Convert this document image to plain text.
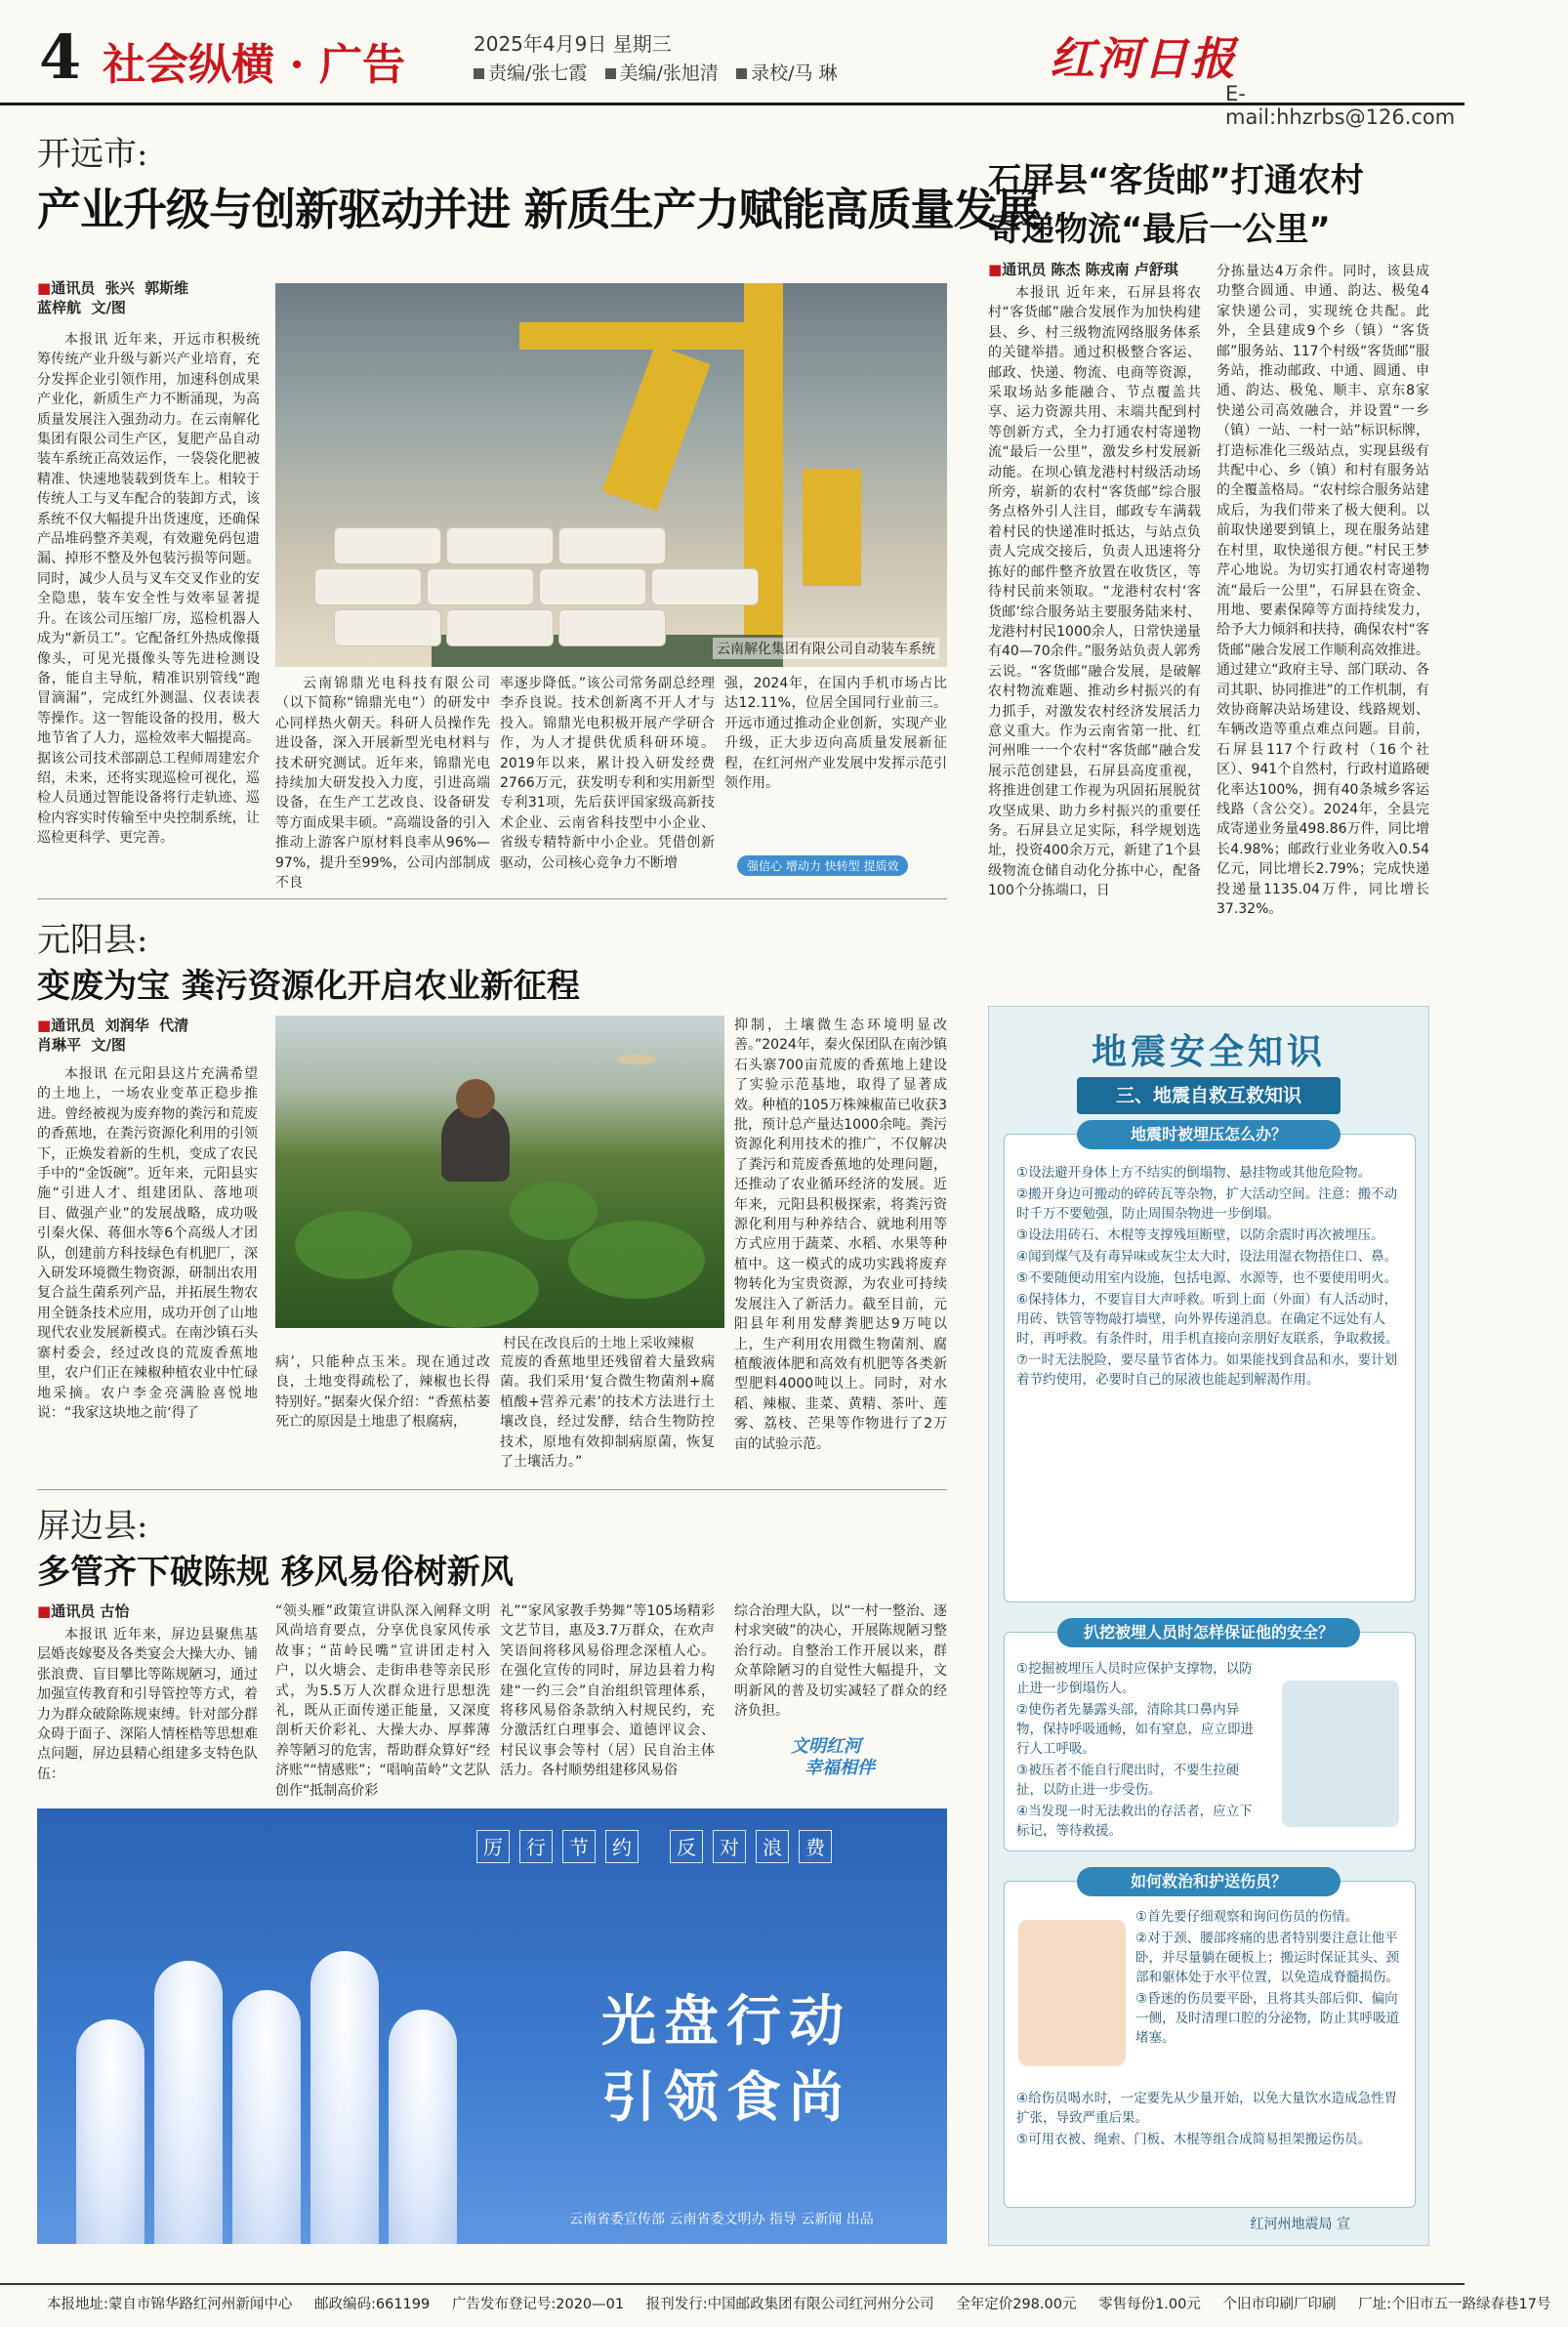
4 社会纵横 · 广告	2025年4月9日 星期三
责编/张七霞 美编/张旭清 录校/马 琳	红河日报
E-mail:hhzrbs@126.com
开远市:
产业升级与创新驱动并进 新质生产力赋能高质量发展
■通讯员  张兴  郭斯维
蓝梓航  文/图

本报讯 近年来，开远市积极统筹传统产业升级与新兴产业培育，充分发挥企业引领作用，加速科创成果产业化，新质生产力不断涌现，为高质量发展注入强劲动力。在云南解化集团有限公司生产区，复肥产品自动装车系统正高效运作，一袋袋化肥被精准、快速地装载到货车上。相较于传统人工与叉车配合的装卸方式，该系统不仅大幅提升出货速度，还确保产品堆码整齐美观，有效避免码包遗漏、掉形不整及外包装污损等问题。同时，减少人员与叉车交叉作业的安全隐患，装车安全性与效率显著提升。在该公司压缩厂房，巡检机器人成为“新员工”。它配备红外热成像摄像头，可见光摄像头等先进检测设备，能自主导航，精准识别管线“跑冒滴漏”，完成红外测温、仪表读表等操作。这一智能设备的投用，极大地节省了人力，巡检效率大幅提高。据该公司技术部副总工程师周建宏介绍，未来，还将实现巡检可视化，巡检人员通过智能设备将行走轨迹、巡检内容实时传输至中央控制系统，让巡检更科学、更完善。

云南解化集团有限公司自动装车系统

云南锦鼎光电科技有限公司（以下简称“锦鼎光电”）的研发中心同样热火朝天。科研人员操作先进设备，深入开展新型光电材料与技术研究测试。近年来，锦鼎光电持续加大研发投入力度，引进高端设备，在生产工艺改良、设备研发等方面成果丰硕。“高端设备的引入推动上游客户原材料良率从96%—97%，提升至99%，公司内部制成不良

率逐步降低。”该公司常务副总经理李乔良说。技术创新离不开人才与投入。锦鼎光电积极开展产学研合作，为人才提供优质科研环境。2019年以来，累计投入研发经费2766万元，获发明专利和实用新型专利31项，先后获评国家级高新技术企业、云南省科技型中小企业、省级专精特新中小企业。凭借创新驱动，公司核心竞争力不断增

强，2024年，在国内手机市场占比达12.11%，位居全国同行业前三。开远市通过推动企业创新，实现产业升级，正大步迈向高质量发展新征程，在红河州产业发展中发挥示范引领作用。

强信心 增动力 快转型 提质效
石屏县“客货邮”打通农村
寄递物流“最后一公里”
■通讯员 陈杰 陈戎南 卢舒琪

本报讯 近年来，石屏县将农村“客货邮”融合发展作为加快构建县、乡、村三级物流网络服务体系的关键举措。通过积极整合客运、邮政、快递、物流、电商等资源，采取场站多能融合、节点覆盖共享、运力资源共用、末端共配到村等创新方式，全力打通农村寄递物流“最后一公里”，激发乡村发展新动能。在坝心镇龙港村村级活动场所旁，崭新的农村“客货邮”综合服务点格外引人注目，邮政专车满载着村民的快递准时抵达，与站点负责人完成交接后，负责人迅速将分拣好的邮件整齐放置在收货区，等待村民前来领取。“龙港村农村‘客货邮’综合服务站主要服务陆来村、龙港村村民1000余人，日常快递量有40—70余件。”服务站负责人郭秀云说。“客货邮”融合发展，是破解农村物流难题、推动乡村振兴的有力抓手，对激发农村经济发展活力意义重大。作为云南省第一批、红河州唯一一个农村“客货邮”融合发展示范创建县，石屏县高度重视，将推进创建工作视为巩固拓展脱贫攻坚成果、助力乡村振兴的重要任务。石屏县立足实际，科学规划选址，投资400余万元，新建了1个县级物流仓储自动化分拣中心，配备100个分拣端口，日

分拣量达4万余件。同时，该县成功整合圆通、申通、韵达、极兔4家快递公司，实现统仓共配。此外，全县建成9个乡（镇）“客货邮”服务站、117个村级“客货邮”服务站，推动邮政、中通、圆通、申通、韵达、极兔、顺丰、京东8家快递公司高效融合，并设置“一乡（镇）一站、一村一站”标识标牌，打造标准化三级站点，实现县级有共配中心、乡（镇）和村有服务站的全覆盖格局。“农村综合服务站建成后，为我们带来了极大便利。以前取快递要到镇上，现在服务站建在村里，取快递很方便。”村民王梦芹心地说。为切实打通农村寄递物流“最后一公里”，石屏县在资金、用地、要素保障等方面持续发力，给予大力倾斜和扶持，确保农村“客货邮”融合发展工作顺利高效推进。通过建立“政府主导、部门联动、各司其职、协同推进”的工作机制，有效协商解决站场建设、线路规划、车辆改造等重点难点问题。目前，石屏县117个行政村（16个社区）、941个自然村，行政村道路硬化率达100%，拥有40条城乡客运线路（含公交）。2024年，全县完成寄递业务量498.86万件，同比增长4.98%；邮政行业业务收入0.54亿元，同比增长2.79%；完成快递投递量1135.04万件，同比增长37.32%。

元阳县:
变废为宝 粪污资源化开启农业新征程
■通讯员  刘润华  代清
肖琳平  文/图

本报讯 在元阳县这片充满希望的土地上，一场农业变革正稳步推进。曾经被视为废弃物的粪污和荒废的香蕉地，在粪污资源化利用的引领下，正焕发着新的生机，变成了农民手中的“金饭碗”。近年来，元阳县实施“引进人才、组建团队、落地项目、做强产业”的发展战略，成功吸引秦火保、蒋佃水等6个高级人才团队，创建前方科技绿色有机肥厂，深入研发环境微生物资源，研制出农用复合益生菌系列产品，并拓展生物农用全链条技术应用，成功开创了山地现代农业发展新模式。在南沙镇石头寨村委会，经过改良的荒废香蕉地里，农户们正在辣椒种植农业中忙碌地采摘。农户李金亮满脸喜悦地说：“我家这块地之前‘得了

村民在改良后的土地上采收辣椒

病’，只能种点玉米。现在通过改良，土地变得疏松了，辣椒也长得特别好。”据秦火保介绍：“香蕉枯萎死亡的原因是土地患了根腐病，

荒废的香蕉地里还残留着大量致病菌。我们采用‘复合微生物菌剂+腐植酸+营养元素’的技术方法进行土壤改良，经过发酵，结合生物防控技术，原地有效抑制病原菌，恢复了土壤活力。”

抑制，土壤微生态环境明显改善。”2024年，秦火保团队在南沙镇石头寨700亩荒废的香蕉地上建设了实验示范基地，取得了显著成效。种植的105万株辣椒苗已收获3批，预计总产量达1000余吨。粪污资源化利用技术的推广，不仅解决了粪污和荒废香蕉地的处理问题，还推动了农业循环经济的发展。近年来，元阳县积极探索，将粪污资源化利用与种养结合、就地利用等方式应用于蔬菜、水稻、水果等种植中。这一模式的成功实践将废弃物转化为宝贵资源，为农业可持续发展注入了新活力。截至目前，元阳县年利用发酵粪肥达9万吨以上，生产利用农用微生物菌剂、腐植酸液体肥和高效有机肥等各类新型肥料4000吨以上。同时，对水稻、辣椒、韭菜、黄精、茶叶、莲雾、荔枝、芒果等作物进行了2万亩的试验示范。

屏边县:
多管齐下破陈规 移风易俗树新风
■通讯员 古怡

本报讯 近年来，屏边县聚焦基层婚丧嫁娶及各类宴会大操大办、铺张浪费、盲目攀比等陈规陋习，通过加强宣传教育和引导管控等方式，着力为群众破除陈规束缚。针对部分群众碍于面子、深陷人情桎梏等思想难点问题，屏边县精心组建多支特色队伍：

“领头雁”政策宣讲队深入阐释文明风尚培育要点，分享优良家风传承故事；“苗岭民嘴”宣讲团走村入户，以火塘会、走街串巷等亲民形式，为5.5万人次群众进行思想洗礼，既从正面传递正能量，又深度剖析天价彩礼、大操大办、厚葬薄养等陋习的危害，帮助群众算好“经济账”“情感账”；“唱响苗岭”文艺队创作“抵制高价彩

礼”“家风家教手势舞”等105场精彩文艺节目，惠及3.7万群众，在欢声笑语间将移风易俗理念深植人心。在强化宣传的同时，屏边县着力构建“一约三会”自治组织管理体系，将移风易俗条款纳入村规民约，充分激活红白理事会、道德评议会、村民议事会等村（居）民自治主体活力。各村顺势组建移风易俗

综合治理大队，以“一村一整治、逐村求突破”的决心，开展陈规陋习整治行动。自整治工作开展以来，群众革除陋习的自觉性大幅提升，文明新风的普及切实减轻了群众的经济负担。

文明红河
幸福相伴
厉	行	节	约	反	对	浪	费
光盘行动
引领食尚
云南省委宣传部 云南省委文明办 指导 云新闻 出品
地震安全知识
三、地震自救互救知识
地震时被埋压怎么办？

①设法避开身体上方不结实的倒塌物、悬挂物或其他危险物。

②搬开身边可搬动的碎砖瓦等杂物，扩大活动空间。注意：搬不动时千万不要勉强，防止周围杂物进一步倒塌。

③设法用砖石、木棍等支撑残垣断壁，以防余震时再次被埋压。

④闻到煤气及有毒异味或灰尘太大时，设法用湿衣物捂住口、鼻。

⑤不要随便动用室内设施，包括电源、水源等，也不要使用明火。

⑥保持体力，不要盲目大声呼救。听到上面（外面）有人活动时，用砖、铁管等物敲打墙壁，向外界传递消息。在确定不远处有人时，再呼救。有条件时，用手机直接向亲朋好友联系，争取救援。

⑦一时无法脱险，要尽量节省体力。如果能找到食品和水，要计划着节约使用，必要时自己的尿液也能起到解渴作用。

扒挖被埋人员时怎样保证他的安全？

①挖掘被埋压人员时应保护支撑物，以防止进一步倒塌伤人。

②使伤者先暴露头部，清除其口鼻内异物，保持呼吸通畅，如有窒息，应立即进行人工呼吸。

③被压者不能自行爬出时，不要生拉硬扯，以防止进一步受伤。

④当发现一时无法救出的存活者，应立下标记，等待救援。

如何救治和护送伤员？

①首先要仔细观察和询问伤员的伤情。

②对于颈、腰部疼痛的患者特别要注意让他平卧，并尽量躺在硬板上；搬运时保证其头、颈部和躯体处于水平位置，以免造成脊髓损伤。

③昏迷的伤员要平卧，且将其头部后仰、偏向一侧，及时清理口腔的分泌物，防止其呼吸道堵塞。

④给伤员喝水时，一定要先从少量开始，以免大量饮水造成急性胃扩张，导致严重后果。

⑤可用衣被、绳索、门板、木棍等组合成简易担架搬运伤员。

红河州地震局 宣
本报地址:蒙自市锦华路红河州新闻中心 邮政编码:661199 广告发布登记号:2020—01 报刊发行:中国邮政集团有限公司红河州分公司 全年定价298.00元 零售每份1.00元 个旧市印刷厂印刷 厂址:个旧市五一路绿春巷17号
